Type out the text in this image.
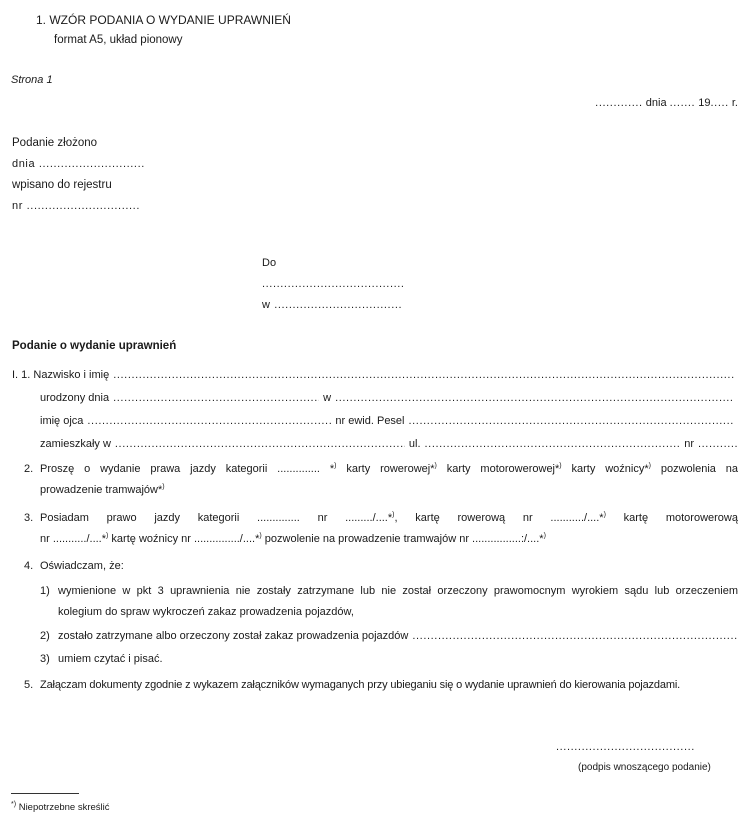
1. WZÓR PODANIA O WYDANIE UPRAWNIEŃ
format A5, układ pionowy
Strona 1
............. dnia ....... 19..... r.
Podanie złożono
dnia .............................
wpisano do rejestru
nr ...............................
Do
.......................................
w ...................................
Podanie o wydanie uprawnień
I. 1. Nazwisko i imię
.....
urodzony dnia .....	w
.....
imię ojca .....	nr ewid. Pesel
.....
zamieszkały w .....	ul. .....	nr
.....
2. Proszę o wydanie prawa jazdy kategorii .............. *) karty rowerowej*) karty motorowerowej*) karty woźnicy*) pozwolenia na
prowadzenie tramwajów*)
3. Posiadam prawo jazdy kategorii .............. nr ........./....*), kartę rowerową nr .........../....*) kartę motorowerową
nr .........../....*) kartę woźnicy nr .............../....*) pozwolenie na prowadzenie tramwajów nr ................:/....*)
4. Oświadczam, że:
1) wymienione w pkt 3 uprawnienia nie zostały zatrzymane lub nie został orzeczony prawomocnym wyrokiem sądu lub orzeczeniem
kolegium do spraw wykroczeń zakaz prowadzenia pojazdów,
2) zostało zatrzymane albo orzeczony został zakaz prowadzenia pojazdów
.....
3) umiem czytać i pisać.
5. Załączam dokumenty zgodnie z wykazem załączników wymaganych przy ubieganiu się o wydanie uprawnień do kierowania pojazdami.
......................................
(podpis wnoszącego podanie)
*) Niepotrzebne skreślić
